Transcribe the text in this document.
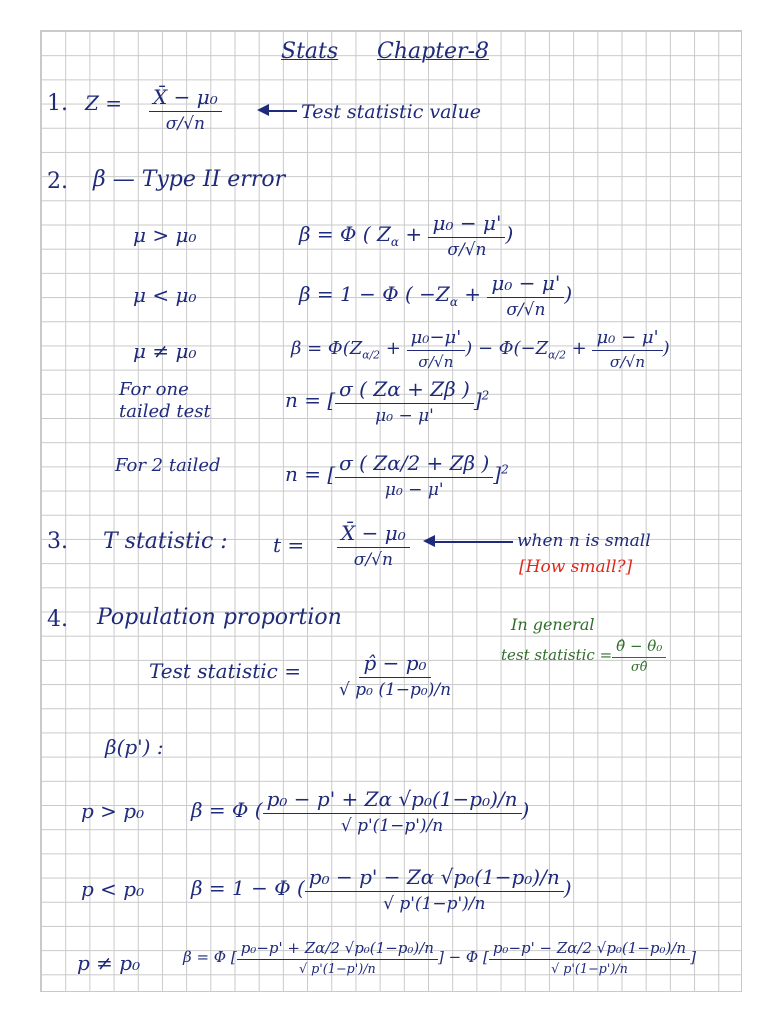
Stats Chapter-8
1. $Z = \frac{\text{X̄ − μ₀}}{\sigma/√n}$	Test statistic value
2. β — Type II error
μ > μ₀	β = Φ ( $Z_\alpha + \frac{\text{μ₀ − μ'}}{\sigma/√n}$ )
μ < μ₀	β = 1 − Φ ( $-Z_\alpha + \frac{\text{μ₀ − μ'}}{\sigma/√n}$ )
μ ≠ μ₀	$\beta = \Phi(Z_{\alpha/2} + \frac{\text{μ₀−μ'}}{\sigma/√n}$ ) − $\Phi(-Z_{\alpha/2} + \frac{\text{μ₀ − μ'}}{\sigma/√n}$ )
For one
tailed test	n = [ $\frac{\sigma ( Z\alpha + Z\beta )}{\text{μ₀ − μ'}} ]^2$
For 2 tailed	n = [ $\frac{\sigma ( Z\alpha/2 + Z\beta )}{\text{μ₀ − μ'}} ]^2$
3. T statistic : $t = \frac{\text{X̄ − μ₀}}{\sigma/√n}$	when n is small
[How small?]
4. Population proportion	In general
test statistic = $\frac{\text{θ̂ − θ₀}}{\sigma\thetâ}$
Test statistic = $\frac{\text{p̂ − p₀}}{\text{√ p₀ (1−p₀)/n}}$
β(p') :
p > p₀ β = Φ ( $\frac{\text{p₀ − p' + Zα √p₀(1−p₀)/n}}{√ p'(1-p')/n}$ )
p < p₀ β = 1 − Φ ( $\frac{\text{p₀ − p' − Zα √p₀(1−p₀)/n}}{√ p'(1-p')/n}$ )
p ≠ p₀	β = Φ [ $\frac{\text{p₀−p' + Zα/2 √p₀(1−p₀)/n}}{√ p'(1-p')/n}$ ] − Φ [ $\frac{\text{p₀−p' − Zα/2 √p₀(1−p₀)/n}}{√ p'(1-p')/n}$ ]
